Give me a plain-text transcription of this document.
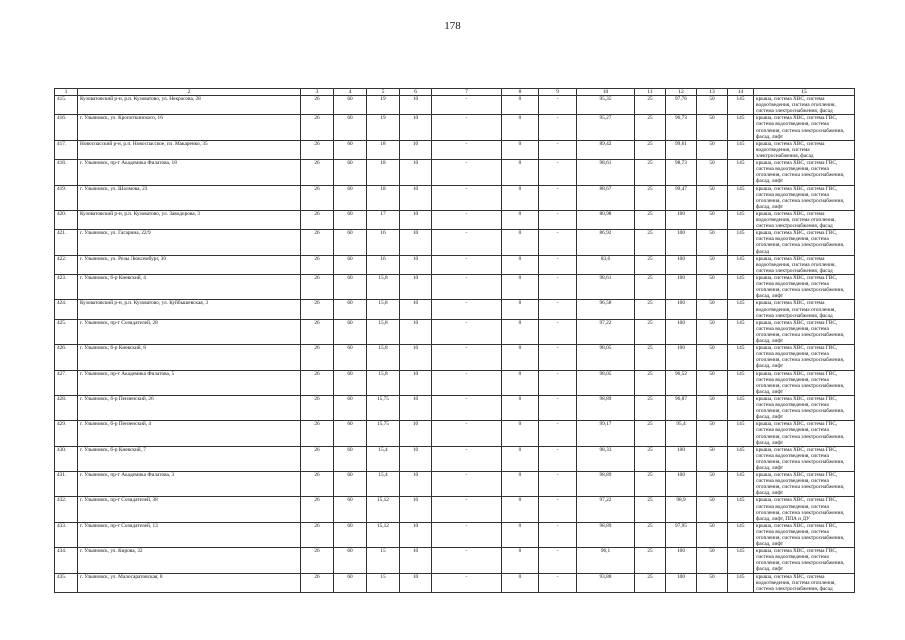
178
1	2	3	4	5	6	7	8	9	10	11	12	13	14	15
415.	Кузоватовский р-н, р.п. Кузоватово, ул. Некрасова, 28	26	60	19	10	-	0	-	95,35	25	97,76	50	145	крыша, система ХВС, система водоотведения, система отопления, система электроснабжения, фасад
416.	г. Ульяновск, ул. Кропоткинского, 16	26	60	19	10	-	0	-	95,27	25	96,73	50	145	крыша, система ХВС, система ГВС, система водоотведения, система отопления, система электроснабжения, фасад, лифт
417.	Новоспасский р-н, р.п. Новоспасское, пл. Макаренко, 35	26	60	18	10	-	0	-	89,42	25	99,61	50	145	крыша, система ХВС, система водоотведения, система электроснабжения, фасад
418.	г. Ульяновск, пр-т Академика Филатова, 18	26	60	18	10	-	0	-	98,61	25	98,73	50	145	крыша, система ХВС, система ГВС, система водоотведения, система отопления, система электроснабжения, фасад, лифт
419.	г. Ульяновск, ул. Шолмова, 23	26	60	18	10	-	0	-	88,67	25	99,47	50	145	крыша, система ХВС, система ГВС, система водоотведения, система отопления, система электроснабжения, фасад, лифт
420.	Кузоватовский р-н, р.п. Кузоватово, ул. Заводорова, 3	26	60	17	10	-	0	-	80,98	25	100	50	145	крыша, система ХВС, система водоотведения, система отопления, система электроснабжения, фасад
421.	г. Ульяновск, ул. Гагарина, 22/9	26	60	16	10	-	0	-	86,92	25	100	50	145	крыша, система ХВС, система ГВС, система водоотведения, система отопления, система электроснабжения, фасад
422.	г. Ульяновск, ул. Розы Люксембург, 30	26	60	16	10	-	0	-	83,6	25	100	50	145	крыша, система ХВС, система водоотведения, система отопления, система электроснабжения, фасад
423.	г. Ульяновск, б-р Киевский, 4	26	60	15,8	10	-	0	-	98,61	25	100	50	145	крыша, система ХВС, система ГВС, система водоотведения, система отопления, система электроснабжения, фасад, лифт
424.	Кузоватовский р-н, р.п. Кузоватово, ул. Куйбышевская, 3	26	60	15,8	10	-	0	-	96,58	25	100	50	145	крыша, система ХВС, система водоотведения, система отопления, система электроснабжения, фасад
425.	г. Ульяновск, пр-т Созидателей, 28	26	60	15,8	10	-	0	-	97,22	25	100	50	145	крыша, система ХВС, система ГВС, система водоотведения, система отопления, система электроснабжения, фасад, лифт
426.	г. Ульяновск, б-р Киевский, 8	26	60	15,8	10	-	0	-	98,05	25	100	50	145	крыша, система ХВС, система ГВС, система водоотведения, система отопления, система электроснабжения, фасад, лифт
427.	г. Ульяновск, пр-т Академика Филатова, 5	26	60	15,8	10	-	0	-	98,05	25	96,52	50	145	крыша, система ХВС, система ГВС, система водоотведения, система отопления, система электроснабжения, фасад, лифт
428.	г. Ульяновск, б-р Пензенский, 26	26	60	15,75	10	-	0	-	98,89	25	96,87	50	145	крыша, система ХВС, система ГВС, система водоотведения, система отопления, система электроснабжения, фасад, лифт
429.	г. Ульяновск, б-р Пензенский, 4	26	60	15,75	10	-	0	-	99,17	25	95,4	50	145	крыша, система ХВС, система ГВС, система водоотведения, система отопления, система электроснабжения, фасад, лифт
430.	г. Ульяновск, б-р Киевский, 7	26	60	15,4	10	-	0	-	98,33	25	100	50	145	крыша, система ХВС, система ГВС, система водоотведения, система отопления, система электроснабжения, фасад, лифт
431.	г. Ульяновск, пр-т Академика Филатова, 3	26	60	15,4	10	-	0	-	98,89	25	100	50	145	крыша, система ХВС, система ГВС, система водоотведения, система отопления, система электроснабжения, фасад, лифт
432.	г. Ульяновск, пр-т Созидателей, 38	26	60	15,12	10	-	0	-	97,22	25	98,9	50	145	крыша, система ХВС, система ГВС, система водоотведения, система отопления, система электроснабжения, фасад, лифт, ППА и ДУ
433.	г. Ульяновск, пр-т Созидателей, 13	26	60	15,12	10	-	0	-	98,89	25	97,95	50	145	крыша, система ХВС, система ГВС, система водоотведения, система отопления, система электроснабжения, фасад, лифт
434.	г. Ульяновск, ул. Кирова, 32	26	60	15	10	-	0	-	96,1	25	100	50	145	крыша, система ХВС, система ГВС, система водоотведения, система отопления, система электроснабжения, фасад, лифт
435.	г. Ульяновск, ул. Малосаратовская, 8	26	60	15	10	-	0	-	93,88	25	100	50	145	крыша, система ХВС, система водоотведения, система отопления, система электроснабжения, фасад
